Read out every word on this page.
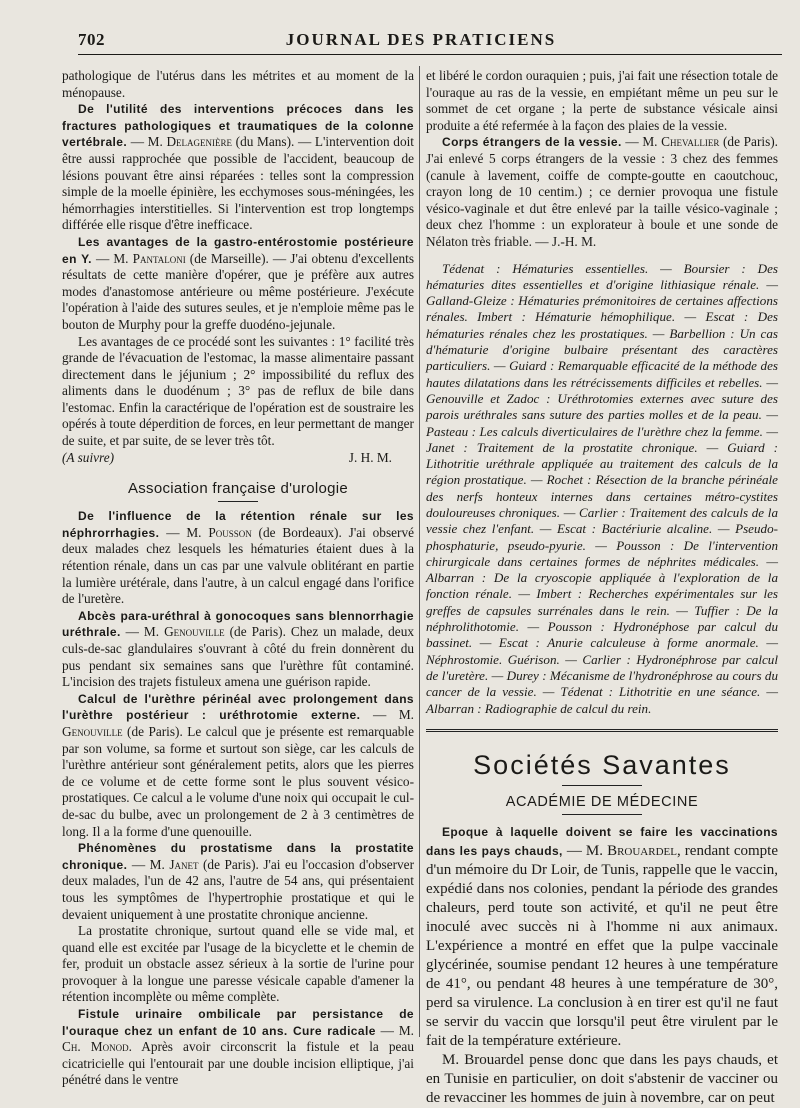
702	JOURNAL DES PRATICIENS

pathologique de l'utérus dans les métrites et au moment de la ménopause.

De l'utilité des interventions précoces dans les fractures pathologiques et traumatiques de la colonne vertébrale. — M. Delagenière (du Mans). — L'intervention doit être aussi rapprochée que possible de l'accident, beaucoup de lésions pouvant être ainsi réparées : telles sont la compression simple de la moelle épinière, les ecchymoses sous-méningées, les hémorrhagies interstitielles. Si l'intervention est trop longtemps différée elle risque d'être inefficace.

Les avantages de la gastro-entérostomie postérieure en Y. — M. Pantaloni (de Marseille). — J'ai obtenu d'excellents résultats de cette manière d'opérer, que je préfère aux autres modes d'anastomose antérieure ou même postérieure. J'exécute l'opération à l'aide des sutures seules, et je n'emploie même pas le bouton de Murphy pour la greffe duodéno-jejunale.

Les avantages de ce procédé sont les suivantes : 1° facilité très grande de l'évacuation de l'estomac, la masse alimentaire passant directement dans le jéjunium ; 2° impossibilité du reflux des aliments dans le duodénum ; 3° pas de reflux de bile dans l'estomac. Enfin la caractérique de l'opération est de soustraire les opérés à toute déperdition de forces, en leur permettant de manger de suite, et par suite, de se lever très tôt.

(A suivre)	J. H. M.
Association française d'urologie

De l'influence de la rétention rénale sur les néphrorrhagies. — M. Pousson (de Bordeaux). J'ai observé deux malades chez lesquels les hématuries étaient dues à la rétention rénale, dans un cas par une valvule oblitérant en partie la lumière urétérale, dans l'autre, à un calcul engagé dans l'orifice de l'uretère.

Abcès para-uréthral à gonocoques sans blennorrhagie uréthrale. — M. Genouville (de Paris). Chez un malade, deux culs-de-sac glandulaires s'ouvrant à côté du frein donnèrent du pus pendant six semaines sans que l'urèthre fût contaminé. L'incision des trajets fistuleux amena une guérison rapide.

Calcul de l'urèthre périnéal avec prolongement dans l'urèthre postérieur : uréthrotomie externe. — M. Genouville (de Paris). Le calcul que je présente est remarquable par son volume, sa forme et surtout son siège, car les calculs de l'urèthre antérieur sont généralement petits, alors que les pierres de ce volume et de cette forme sont le plus souvent vésico-prostatiques. Ce calcul a le volume d'une noix qui occupait le cul-de-sac du bulbe, avec un prolongement de 2 à 3 centimètres de long. Il a la forme d'une quenouille.

Phénomènes du prostatisme dans la prostatite chronique. — M. Janet (de Paris). J'ai eu l'occasion d'observer deux malades, l'un de 42 ans, l'autre de 54 ans, qui présentaient tous les symptômes de l'hypertrophie prostatique et qui le devaient uniquement à une prostatite chronique ancienne.

La prostatite chronique, surtout quand elle se vide mal, et quand elle est excitée par l'usage de la bicyclette et le chemin de fer, produit un obstacle assez sérieux à la sortie de l'urine pour provoquer à la longue une paresse vésicale capable d'amener la rétention incomplète ou même complète.

Fistule urinaire ombilicale par persistance de l'ouraque chez un enfant de 10 ans. Cure radicale — M. Ch. Monod. Après avoir circonscrit la fistule et la peau cicatricielle qui l'entourait par une double incision elliptique, j'ai pénétré dans le ventre

et libéré le cordon ouraquien ; puis, j'ai fait une résection totale de l'ouraque au ras de la vessie, en empiétant même un peu sur le sommet de cet organe ; la perte de substance vésicale ainsi produite a été refermée à la façon des plaies de la vessie.

Corps étrangers de la vessie. — M. Chevallier (de Paris). J'ai enlevé 5 corps étrangers de la vessie : 3 chez des femmes (canule à lavement, coiffe de compte-goutte en caoutchouc, crayon long de 10 centim.) ; ce dernier provoqua une fistule vésico-vaginale et dut être enlevé par la taille vésico-vaginale ; deux chez l'homme : un explorateur à boule et une sonde de Nélaton très friable. — J.-H. M.

Tédenat : Hématuries essentielles. — Boursier : Des hématuries dites essentielles et d'origine lithiasique rénale. — Galland-Gleize : Hématuries prémonitoires de certaines affections rénales. Imbert : Hématurie hémophilique. — Escat : Des hématuries rénales chez les prostatiques. — Barbellion : Un cas d'hématurie d'origine bulbaire présentant des caractères particuliers. — Guiard : Remarquable efficacité de la méthode des hautes dilatations dans les rétrécissements difficiles et rebelles. — Genouville et Zadoc : Uréthrotomies externes avec suture des parois uréthrales sans suture des parties molles et de la peau. — Pasteau : Les calculs diverticulaires de l'urèthre chez la femme. — Janet : Traitement de la prostatite chronique. — Guiard : Lithotritie uréthrale appliquée au traitement des calculs de la région prostatique. — Rochet : Résection de la branche périnéale des nerfs honteux internes dans certaines métro-cystites douloureuses chroniques. — Carlier : Traitement des calculs de la vessie chez l'enfant. — Escat : Bactériurie alcaline. — Pseudo-phosphaturie, pseudo-pyurie. — Pousson : De l'intervention chirurgicale dans certaines formes de néphrites médicales. — Albarran : De la cryoscopie appliquée à l'exploration de la fonction rénale. — Imbert : Recherches expérimentales sur les greffes de capsules surrénales dans le rein. — Tuffier : De la néphrolithotomie. — Pousson : Hydronéphose par calcul du bassinet. — Escat : Anurie calculeuse à forme anormale. — Néphrostomie. Guérison. — Carlier : Hydronéphrose par calcul de l'uretère. — Durey : Mécanisme de l'hydronéphrose au cours du cancer de la vessie. — Tédenat : Lithotritie en une séance. — Albarran : Radiographie de calcul du rein.

Sociétés Savantes
ACADÉMIE DE MÉDECINE

Epoque à laquelle doivent se faire les vaccinations dans les pays chauds, — M. Brouardel, rendant compte d'un mémoire du Dr Loir, de Tunis, rappelle que le vaccin, expédié dans nos colonies, pendant la période des grandes chaleurs, perd toute son activité, et qu'il ne peut être inoculé avec succès ni à l'homme ni aux animaux. L'expérience a montré en effet que la pulpe vaccinale glycérinée, soumise pendant 12 heures à une température de 41°, ou pendant 48 heures à une température de 30°, perd sa virulence. La conclusion à en tirer est qu'il ne faut se servir du vaccin que lorsqu'il peut être virulent par le fait de la température extérieure.

M. Brouardel pense donc que dans les pays chauds, et en Tunisie en particulier, on doit s'abstenir de vacciner ou de revacciner les hommes de juin à novembre, car on peut
